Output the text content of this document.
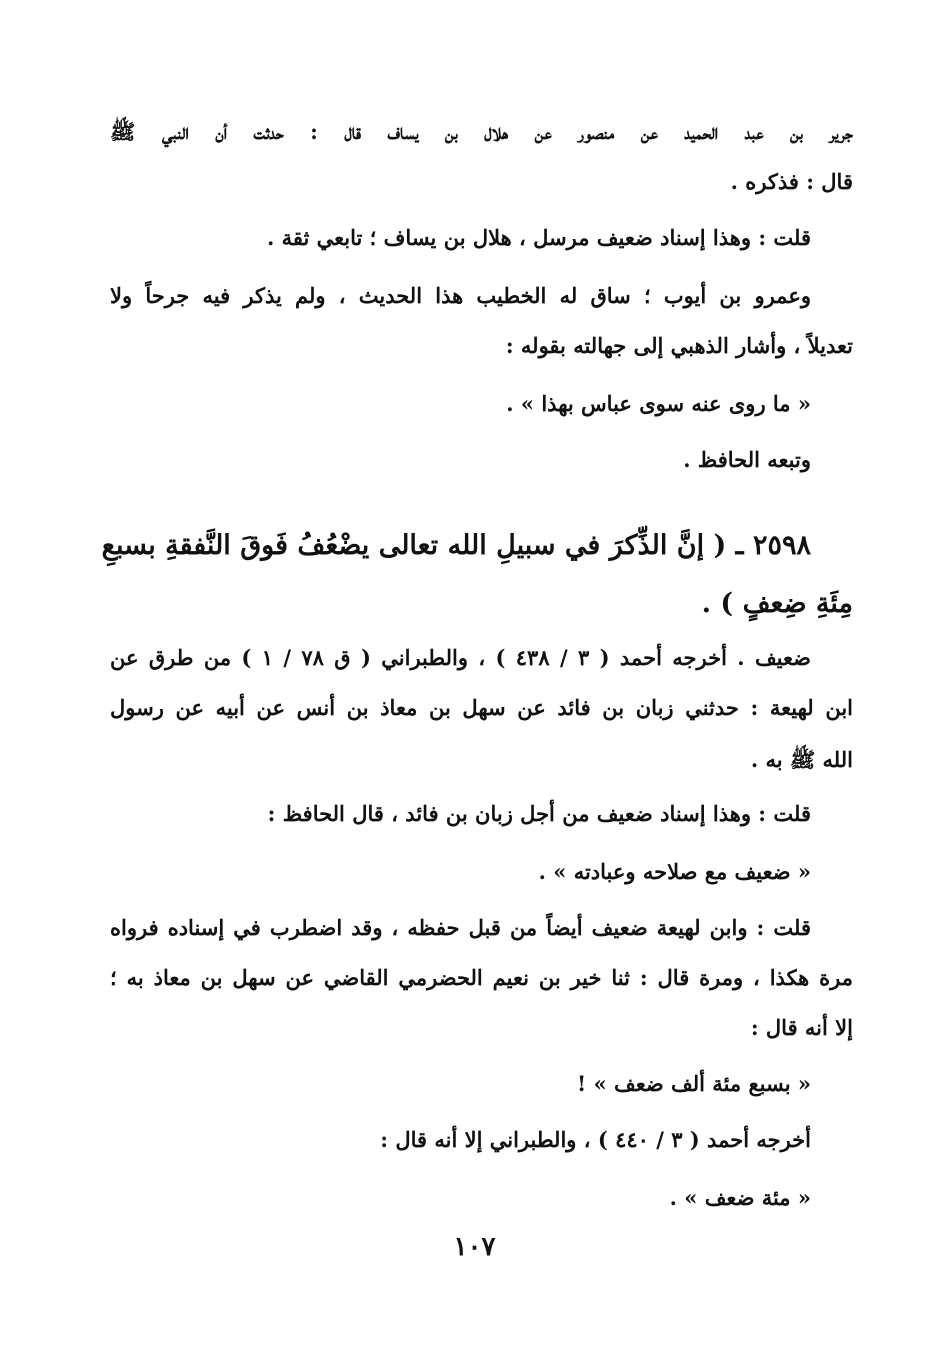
جرير بن عبد الحميد عن منصور عن هلال بن يساف قال : حدثت أن النبي ﷺ
قال : فذكره .
قلت : وهذا إسناد ضعيف مرسل ، هلال بن يساف ؛ تابعي ثقة .
وعمرو بن أيوب ؛ ساق له الخطيب هذا الحديث ، ولم يذكر فيه جرحاً ولا
تعديلاً ، وأشار الذهبي إلى جهالته بقوله :
« ما روى عنه سوى عباس بهذا » .
وتبعه الحافظ .
٢٥٩٨ ـ ( إنَّ الذِّكرَ في سبيلِ الله تعالى يضْعُفُ فَوقَ النَّفقةِ بسبعِ
مِئَةِ ضِعفٍ ) .
ضعيف . أخرجه أحمد ( ٣ / ٤٣٨ ) ، والطبراني ( ق ٧٨ / ١ ) من طرق عن
ابن لهيعة : حدثني زبان بن فائد عن سهل بن معاذ بن أنس عن أبيه عن رسول
الله ﷺ به .
قلت : وهذا إسناد ضعيف من أجل زبان بن فائد ، قال الحافظ :
« ضعيف مع صلاحه وعبادته » .
قلت : وابن لهيعة ضعيف أيضاً من قبل حفظه ، وقد اضطرب في إسناده فرواه
مرة هكذا ، ومرة قال : ثنا خير بن نعيم الحضرمي القاضي عن سهل بن معاذ به ؛
إلا أنه قال :
« بسبع مئة ألف ضعف » !
أخرجه أحمد ( ٣ / ٤٤٠ ) ، والطبراني إلا أنه قال :
« مئة ضعف » .
١٠٧
